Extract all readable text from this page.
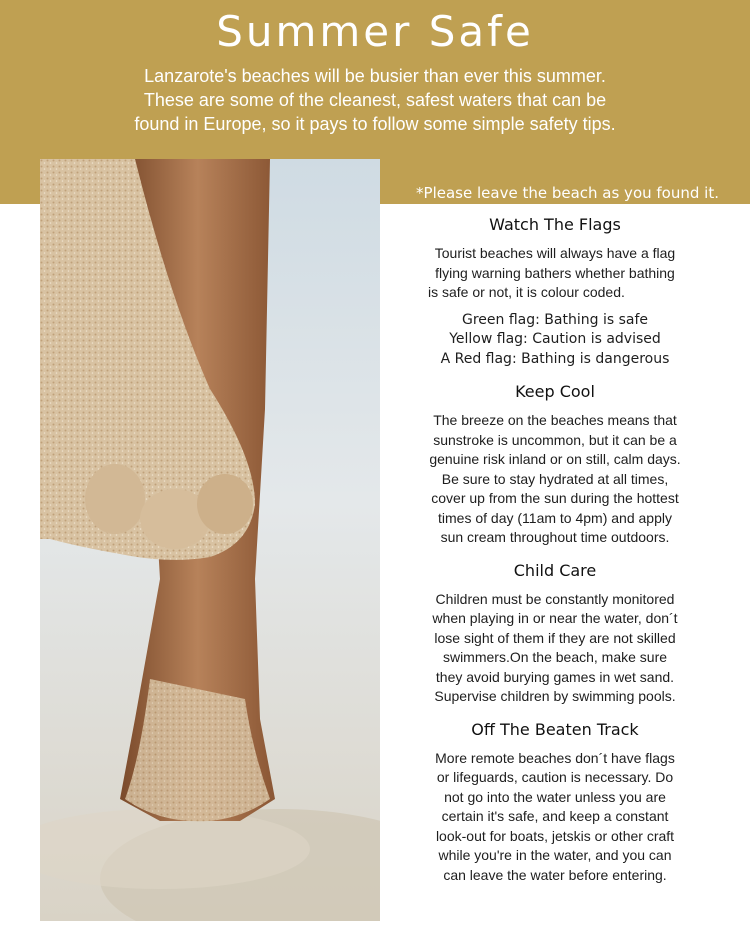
Summer Safe
Lanzarote's beaches will be busier than ever this summer.
These are some of the cleanest, safest waters that can be
found in Europe, so it pays to follow some simple safety tips.
*Please leave the beach as you found it.
Watch The Flags
Tourist beaches will always have a flag
flying warning bathers whether bathing
is safe or not, it is colour coded.
Green flag: Bathing is safe
Yellow flag: Caution is advised
A Red flag: Bathing is dangerous
Keep Cool
The breeze on the beaches means that
sunstroke is uncommon, but it can be a
genuine risk inland or on still, calm days.
Be sure to stay hydrated at all times,
cover up from the sun during the hottest
times of day (11am to 4pm) and apply
sun cream throughout time outdoors.
Child Care
Children must be constantly monitored
when playing in or near the water, don´t
lose sight of them if they are not skilled
swimmers.On the beach, make sure
they avoid burying games in wet sand.
Supervise children by swimming pools.
Off The Beaten Track
More remote beaches don´t have flags
or lifeguards, caution is necessary. Do
not go into the water unless you are
certain it's safe, and keep a constant
look-out for boats, jetskis or other craft
while you're in the water, and you can
can leave the water before entering.
